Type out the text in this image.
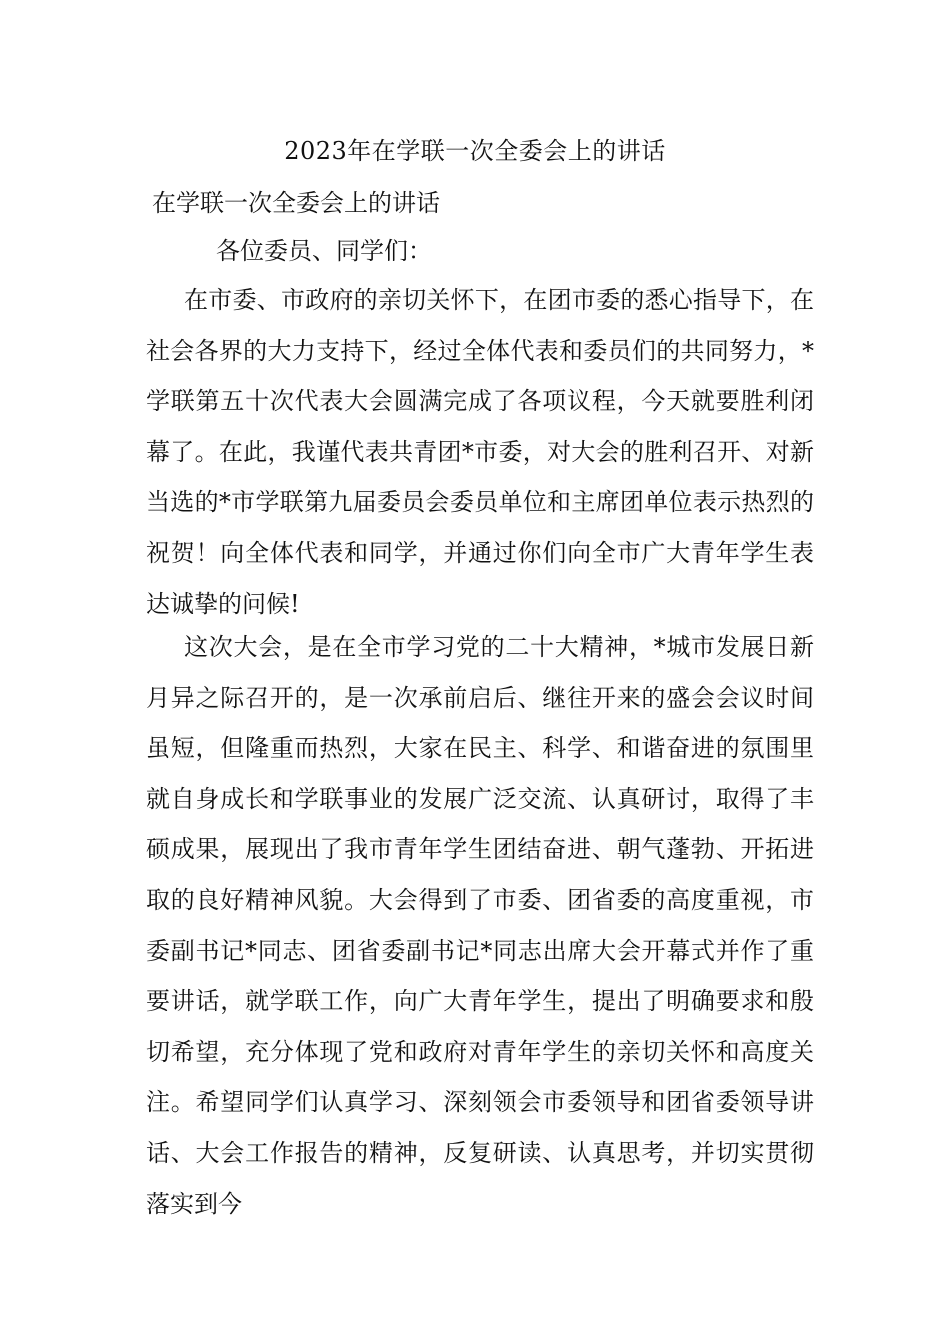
2023年在学联一次全委会上的讲话
在学联一次全委会上的讲话
各位委员、同学们：

在市委、市政府的亲切关怀下，在团市委的悉心指导下，在社会各界的大力支持下，经过全体代表和委员们的共同努力，*学联第五十次代表大会圆满完成了各项议程，今天就要胜利闭幕了。在此，我谨代表共青团*市委，对大会的胜利召开、对新当选的*市学联第九届委员会委员单位和主席团单位表示热烈的祝贺！向全体代表和同学，并通过你们向全市广大青年学生表达诚挚的问候!

这次大会，是在全市学习党的二十大精神，*城市发展日新月异之际召开的，是一次承前启后、继往开来的盛会会议时间虽短，但隆重而热烈，大家在民主、科学、和谐奋进的氛围里就自身成长和学联事业的发展广泛交流、认真研讨，取得了丰硕成果，展现出了我市青年学生团结奋进、朝气蓬勃、开拓进取的良好精神风貌。大会得到了市委、团省委的高度重视，市委副书记*同志、团省委副书记*同志出席大会开幕式并作了重要讲话，就学联工作，向广大青年学生，提出了明确要求和殷切希望，充分体现了党和政府对青年学生的亲切关怀和高度关注。希望同学们认真学习、深刻领会市委领导和团省委领导讲话、大会工作报告的精神，反复研读、认真思考，并切实贯彻落实到今
